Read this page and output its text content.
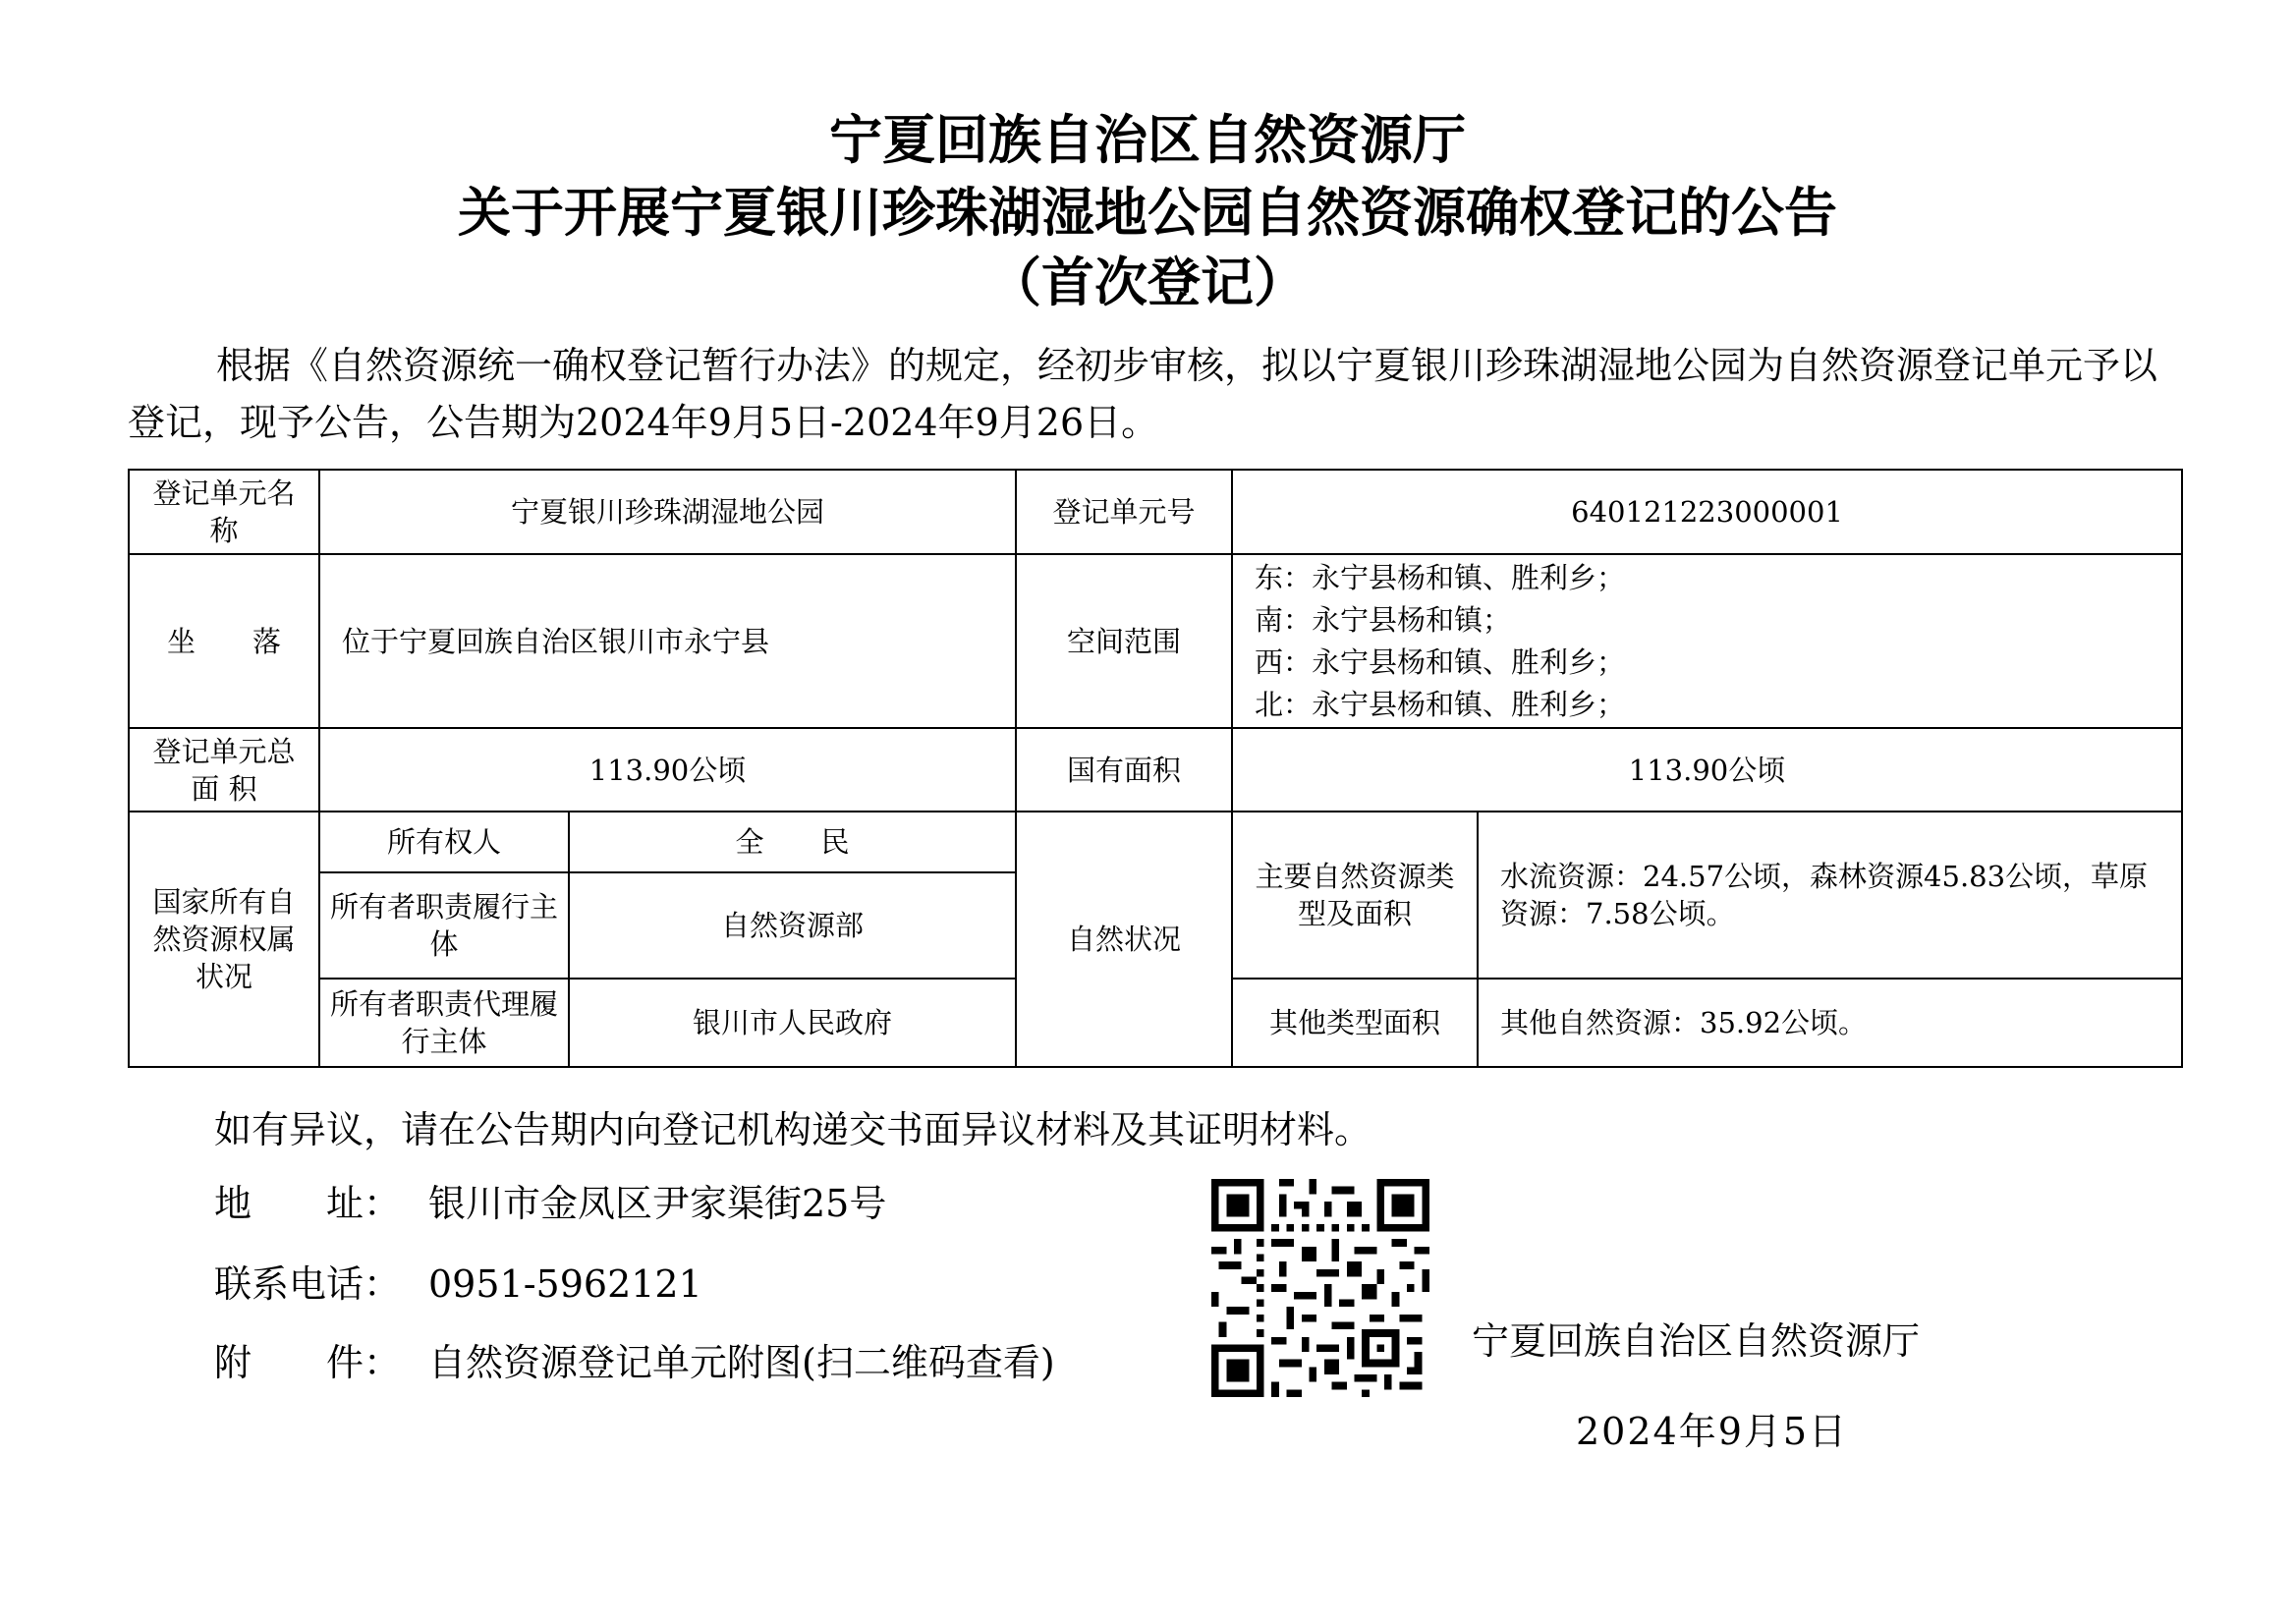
宁夏回族自治区自然资源厅
关于开展宁夏银川珍珠湖湿地公园自然资源确权登记的公告
（首次登记）
根据《自然资源统一确权登记暂行办法》的规定，经初步审核，拟以宁夏银川珍珠湖湿地公园为自然资源登记单元予以登记，现予公告，公告期为2024年9月5日-2024年9月26日。
登记单元名　　称	宁夏银川珍珠湖湿地公园		登记单元号	640121223000001	
坐　　落	位于宁夏回族自治区银川市永宁县		空间范围	东：永宁县杨和镇、胜利乡；
南：永宁县杨和镇；
西：永宁县杨和镇、胜利乡；
北：永宁县杨和镇、胜利乡；	

登记单元总 面 积	113.90公顷		国有面积	113.90公顷	
国家所有自然资源权属状况	所有权人	全　　民	自然状况	主要自然资源类型及面积	水流资源：24.57公顷，森林资源45.83公顷，草原资源：7.58公顷。
	所有者职责履行主体	自然资源部			
	所有者职责代理履行主体	银川市人民政府		其他类型面积	其他自然资源：35.92公顷。
如有异议，请在公告期内向登记机构递交书面异议材料及其证明材料。
地　　址： 银川市金凤区尹家渠街25号
联系电话： 0951-5962121
附　　件： 自然资源登记单元附图(扫二维码查看)	宁夏回族自治区自然资源厅
2024年9月5日
